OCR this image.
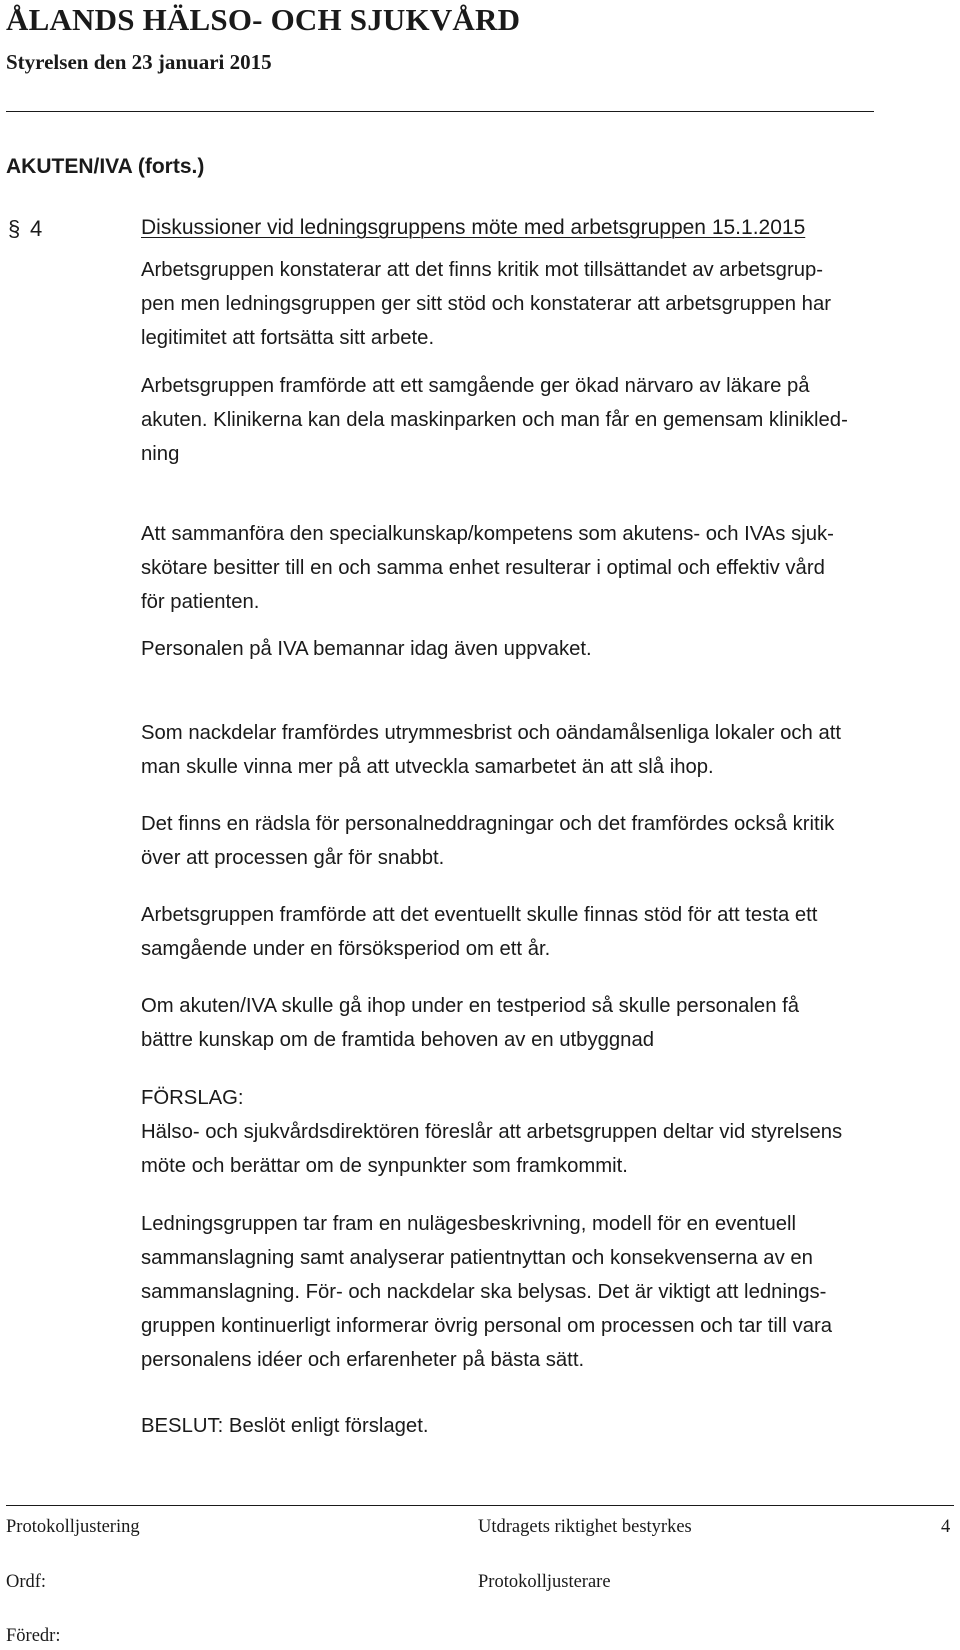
ÅLANDS HÄLSO- OCH SJUKVÅRD
Styrelsen den 23 januari 2015
AKUTEN/IVA (forts.)
§ 4	Diskussioner vid ledningsgruppens möte med arbetsgruppen 15.1.2015
Arbetsgruppen konstaterar att det finns kritik mot tillsättandet av arbetsgrup-
pen men ledningsgruppen ger sitt stöd och konstaterar att arbetsgruppen har
legitimitet att fortsätta sitt arbete.
Arbetsgruppen framförde att ett samgående ger ökad närvaro av läkare på
akuten. Klinikerna kan dela maskinparken och man får en gemensam klinikled-
ning
Att sammanföra den specialkunskap/kompetens som akutens- och IVAs sjuk-
skötare besitter till en och samma enhet resulterar i optimal och effektiv vård
för patienten.
Personalen på IVA bemannar idag även uppvaket.
Som nackdelar framfördes utrymmesbrist och oändamålsenliga lokaler och att
man skulle vinna mer på att utveckla samarbetet än att slå ihop.
Det finns en rädsla för personalneddragningar och det framfördes också kritik
över att processen går för snabbt.
Arbetsgruppen framförde att det eventuellt skulle finnas stöd för att testa ett
samgående under en försöksperiod om ett år.
Om akuten/IVA skulle gå ihop under en testperiod så skulle personalen få
bättre kunskap om de framtida behoven av en utbyggnad
FÖRSLAG:
Hälso- och sjukvårdsdirektören föreslår att arbetsgruppen deltar vid styrelsens
möte och berättar om de synpunkter som framkommit.
Ledningsgruppen tar fram en nulägesbeskrivning, modell för en eventuell
sammanslagning samt analyserar patientnyttan och konsekvenserna av en
sammanslagning. För- och nackdelar ska belysas. Det är viktigt att lednings-
gruppen kontinuerligt informerar övrig personal om processen och tar till vara
personalens idéer och erfarenheter på bästa sätt.
BESLUT: Beslöt enligt förslaget.
Protokolljustering	Utdragets riktighet bestyrkes	4
Ordf:	Protokolljusterare
Föredr:
